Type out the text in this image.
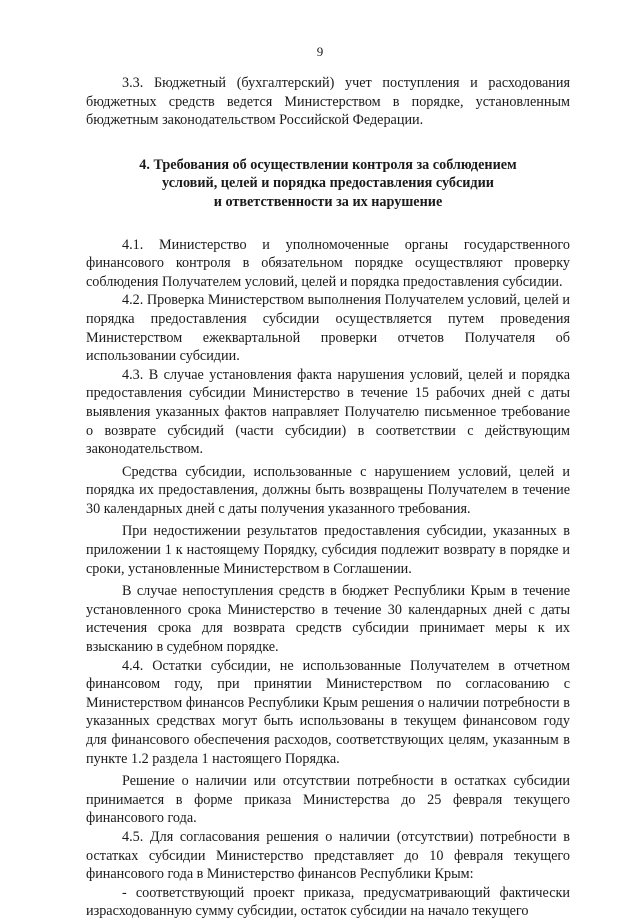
9

3.3. Бюджетный (бухгалтерский) учет поступления и расходования бюджетных средств ведется Министерством в порядке, установленным бюджетным законодательством Российской Федерации.

4. Требования об осуществлении контроля за соблюдением
условий, целей и порядка предоставления субсидии
и ответственности за их нарушение

4.1. Министерство и уполномоченные органы государственного финансового контроля в обязательном порядке осуществляют проверку соблюдения Получателем условий, целей и порядка предоставления субсидии.

4.2. Проверка Министерством выполнения Получателем условий, целей и порядка предоставления субсидии осуществляется путем проведения Министерством ежеквартальной проверки отчетов Получателя об использовании субсидии.

4.3. В случае установления факта нарушения условий, целей и порядка предоставления субсидии Министерство в течение 15 рабочих дней с даты выявления указанных фактов направляет Получателю письменное требование о возврате субсидий (части субсидии) в соответствии с действующим законодательством.

Средства субсидии, использованные с нарушением условий, целей и порядка их предоставления, должны быть возвращены Получателем в течение 30 календарных дней с даты получения указанного требования.

При недостижении результатов предоставления субсидии, указанных в приложении 1 к настоящему Порядку, субсидия подлежит возврату в порядке и сроки, установленные Министерством в Соглашении.

В случае непоступления средств в бюджет Республики Крым в течение установленного срока Министерство в течение 30 календарных дней с даты истечения срока для возврата средств субсидии принимает меры к их взысканию в судебном порядке.

4.4. Остатки субсидии, не использованные Получателем в отчетном финансовом году, при принятии Министерством по согласованию с Министерством финансов Республики Крым решения о наличии потребности в указанных средствах могут быть использованы в текущем финансовом году для финансового обеспечения расходов, соответствующих целям, указанным в пункте 1.2 раздела 1 настоящего Порядка.

Решение о наличии или отсутствии потребности в остатках субсидии принимается в форме приказа Министерства до 25 февраля текущего финансового года.

4.5. Для согласования решения о наличии (отсутствии) потребности в остатках субсидии Министерство представляет до 10 февраля текущего финансового года в Министерство финансов Республики Крым:

- соответствующий проект приказа, предусматривающий фактически израсходованную сумму субсидии, остаток субсидии на начало текущего
